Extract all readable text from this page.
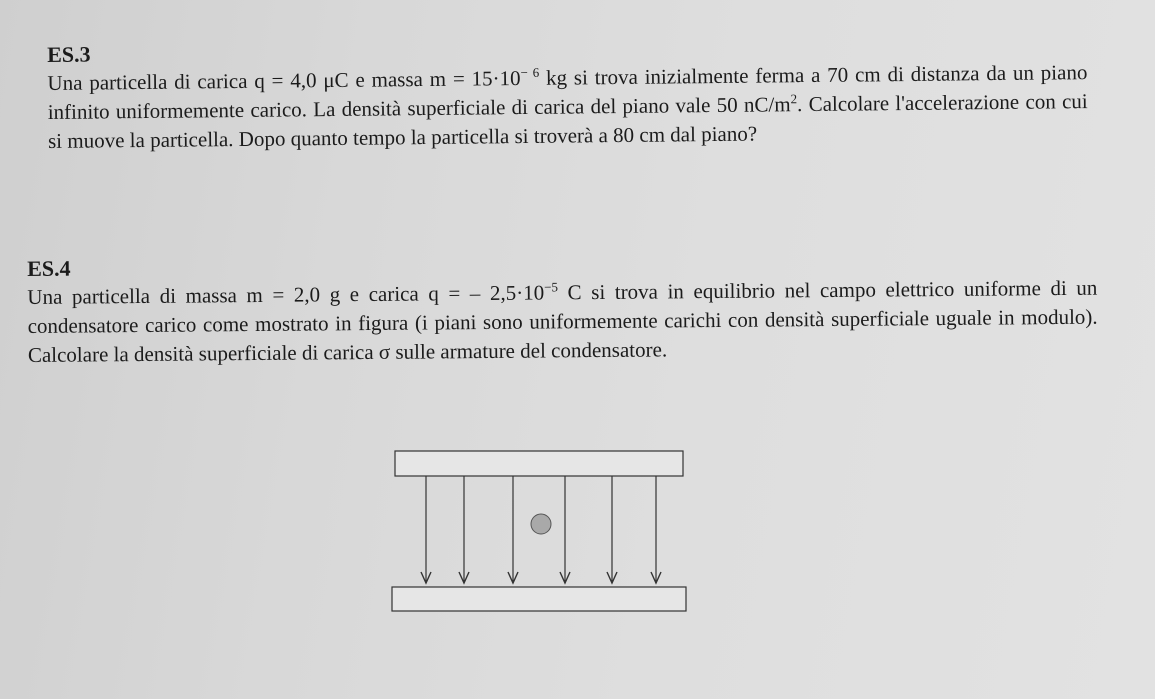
ES.3

Una particella di carica q = 4,0 μC e massa $m = 15\cdot 10^{- 6}$ kg si trova inizialmente ferma a 70 cm di distanza da un piano infinito uniformemente carico. La densità superficiale di carica del piano vale 50 $nC/m^2$. Calcolare l'accelerazione con cui si muove la particella. Dopo quanto tempo la particella si troverà a 80 cm dal piano?

ES.4

Una particella di massa m = 2,0 g e carica q = – $2,5\cdot 10^{-5}$ C si trova in equilibrio nel campo elettrico uniforme di un condensatore carico come mostrato in figura (i piani sono uniformemente carichi con densità superficiale uguale in modulo). Calcolare la densità superficiale di carica σ sulle armature del condensatore.
